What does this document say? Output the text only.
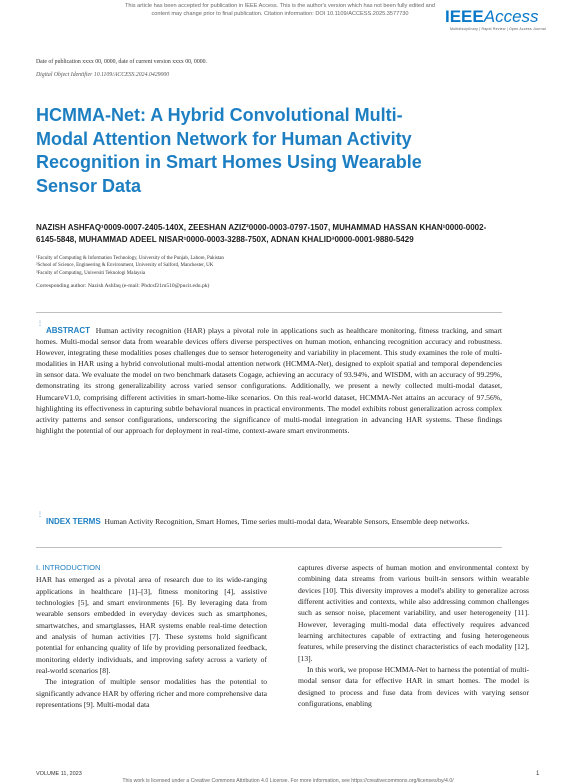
This article has been accepted for publication in IEEE Access. This is the author's version which has not been fully edited and
content may change prior to final publication. Citation information: DOI 10.1109/ACCESS.2025.3577730	IEEEAccess
Multidisciplinary | Rapid Review | Open Access Journal
Date of publication xxxx 00, 0000, date of current version xxxx 00, 0000.
Digital Object Identifier 10.1109/ACCESS.2024.0429000
HCMMA-Net: A Hybrid Convolutional Multi-Modal Attention Network for Human Activity Recognition in Smart Homes Using Wearable Sensor Data
NAZISH ASHFAQ¹0009-0007-2405-140X, ZEESHAN AZIZ²0000-0003-0797-1507, MUHAMMAD HASSAN KHAN¹0000-0002-6145-5848, MUHAMMAD ADEEL NISAR¹0000-0003-3288-750X, ADNAN KHALID³0000-0001-9880-5429
¹Faculty of Computing & Information Technology, University of the Punjab, Lahore, Pakistan
²School of Science, Engineering & Environment, University of Salford, Manchester, UK
³Faculty of Computing, Universiti Teknologi Malaysia
Corresponding author: Nazish Ashfaq (e-mail: Phdcsf21m510@pucit.edu.pk)
⋮
ABSTRACT Human activity recognition (HAR) plays a pivotal role in applications such as healthcare monitoring, fitness tracking, and smart homes. Multi-modal sensor data from wearable devices offers diverse perspectives on human motion, enhancing recognition accuracy and robustness. However, integrating these modalities poses challenges due to sensor heterogeneity and variability in placement. This study examines the role of multi-modalities in HAR using a hybrid convolutional multi-modal attention network (HCMMA-Net), designed to exploit spatial and temporal dependencies in sensor data. We evaluate the model on two benchmark datasets Cogage, achieving an accuracy of 93.94%, and WISDM, with an accuracy of 99.29%, demonstrating its strong generalizability across varied sensor configurations. Additionally, we present a newly collected multi-modal dataset, HumcareV1.0, comprising different activities in smart-home-like scenarios. On this real-world dataset, HCMMA-Net attains an accuracy of 97.56%, highlighting its effectiveness in capturing subtle behavioral nuances in practical environments. The model exhibits robust generalization across complex activity patterns and sensor configurations, underscoring the significance of multi-modal integration in advancing HAR systems. These findings highlight the potential of our approach for deployment in real-time, context-aware smart environments.
⋮
INDEX TERMS Human Activity Recognition, Smart Homes, Time series multi-modal data, Wearable Sensors, Ensemble deep networks.
I. INTRODUCTION

HAR has emerged as a pivotal area of research due to its wide-ranging applications in healthcare [1]–[3], fitness monitoring [4], assistive technologies [5], and smart environments [6]. By leveraging data from wearable sensors embedded in everyday devices such as smartphones, smartwatches, and smartglasses, HAR systems enable real-time detection and analysis of human activities [7]. These systems hold significant potential for enhancing quality of life by providing personalized feedback, monitoring elderly individuals, and improving safety across a variety of real-world scenarios [8].

The integration of multiple sensor modalities has the potential to significantly advance HAR by offering richer and more comprehensive data representations [9]. Multi-modal data

captures diverse aspects of human motion and environmental context by combining data streams from various built-in sensors within wearable devices [10]. This diversity improves a model's ability to generalize across different activities and contexts, while also addressing common challenges such as sensor noise, placement variability, and user heterogeneity [11]. However, leveraging multi-modal data effectively requires advanced learning architectures capable of extracting and fusing heterogeneous features, while preserving the distinct characteristics of each modality [12], [13].

In this work, we propose HCMMA-Net to harness the potential of multi-modal sensor data for effective HAR in smart homes. The model is designed to process and fuse data from devices with varying sensor configurations, enabling

VOLUME 11, 2023	1
This work is licensed under a Creative Commons Attribution 4.0 License. For more information, see https://creativecommons.org/licenses/by/4.0/
